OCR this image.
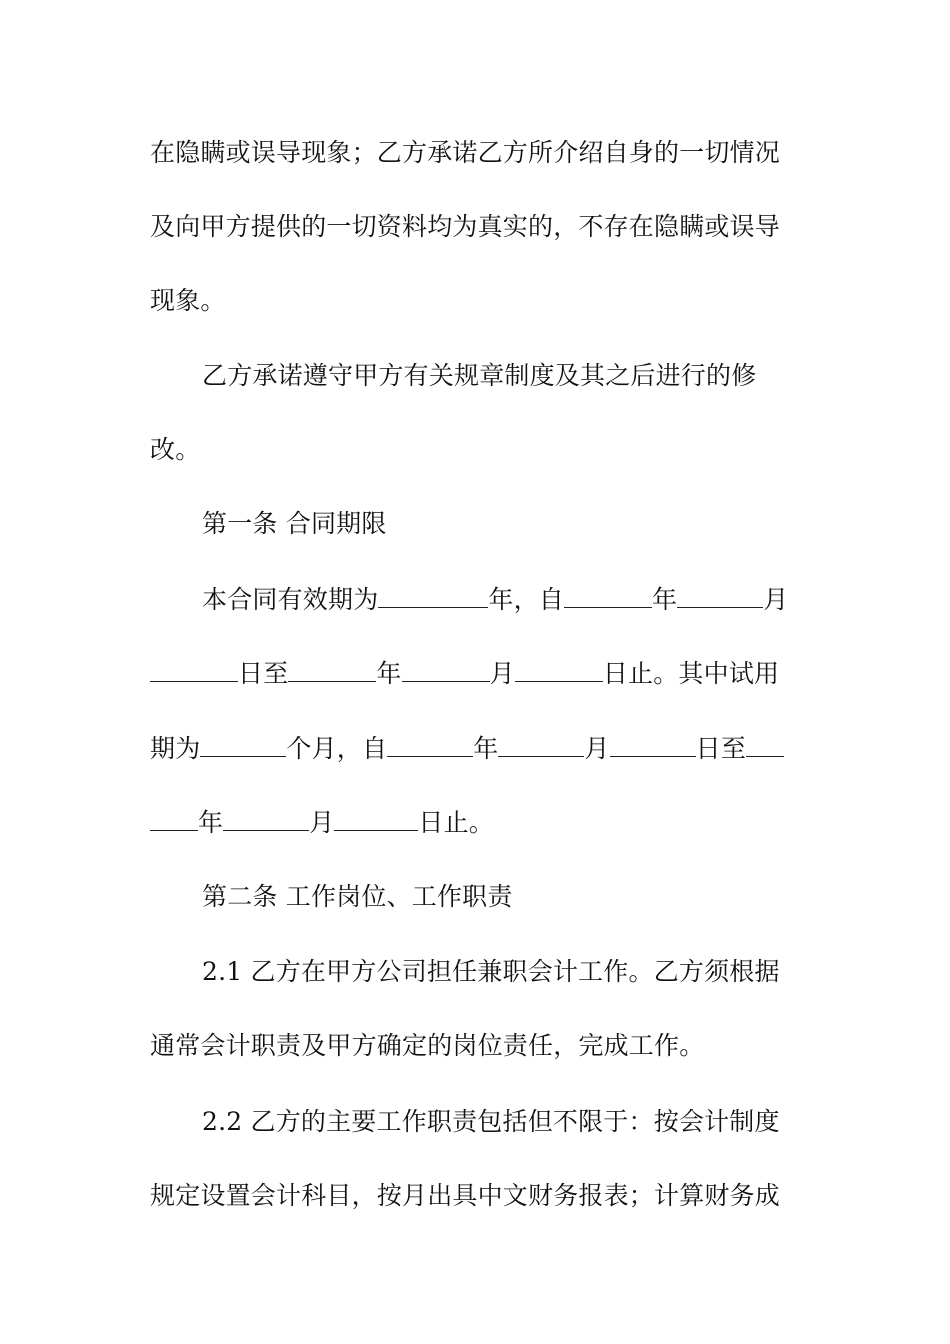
在隐瞒或误导现象；乙方承诺乙方所介绍自身的一切情况
及向甲方提供的一切资料均为真实的，不存在隐瞒或误导
现象。
乙方承诺遵守甲方有关规章制度及其之后进行的修
改。
第一条 合同期限
本合同有效期为	年，自	年	月
日至	年	月	日止。其中试用
期为	个月，自	年	月	日至
年	月	日止。
第二条 工作岗位、工作职责
2.1 乙方在甲方公司担任兼职会计工作。乙方须根据
通常会计职责及甲方确定的岗位责任，完成工作。
2.2 乙方的主要工作职责包括但不限于：按会计制度
规定设置会计科目，按月出具中文财务报表；计算财务成
